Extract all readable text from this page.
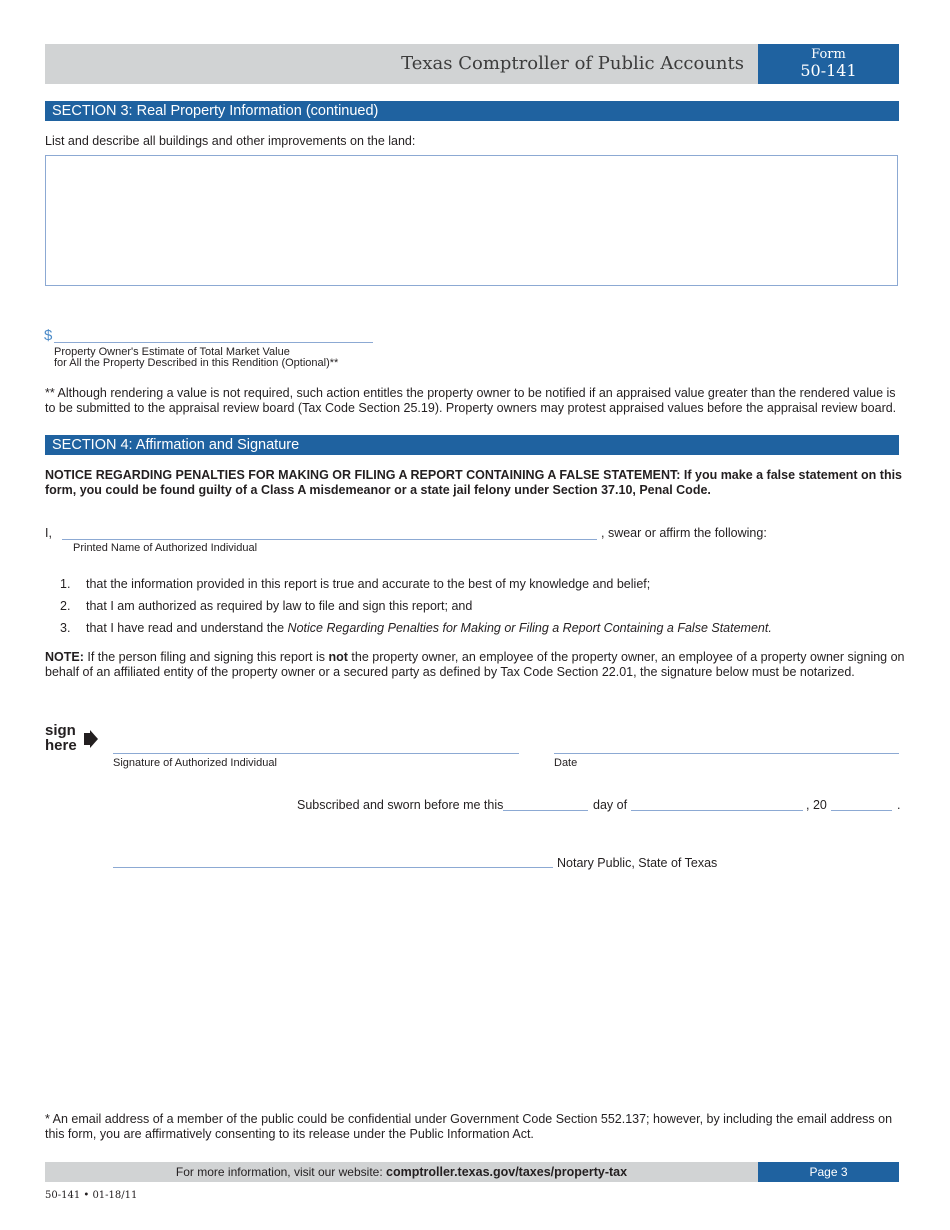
Texas Comptroller of Public Accounts	Form
50-141
SECTION 3: Real Property Information (continued)
List and describe all buildings and other improvements on the land:
$
Property Owner's Estimate of Total Market Value
for All the Property Described in this Rendition (Optional)**
** Although rendering a value is not required, such action entitles the property owner to be notified if an appraised value greater than the rendered value is to be submitted to the appraisal review board (Tax Code Section 25.19). Property owners may protest appraised values before the appraisal review board.
SECTION 4: Affirmation and Signature
NOTICE REGARDING PENALTIES FOR MAKING OR FILING A REPORT CONTAINING A FALSE STATEMENT: If you make a false statement on this form, you could be found guilty of a Class A misdemeanor or a state jail felony under Section 37.10, Penal Code.
I,	, swear or affirm the following:
Printed Name of Authorized Individual
1. that the information provided in this report is true and accurate to the best of my knowledge and belief;
2. that I am authorized as required by law to file and sign this report; and
3. that I have read and understand the Notice Regarding Penalties for Making or Filing a Report Containing a False Statement.
NOTE: If the person filing and signing this report is not the property owner, an employee of the property owner, an employee of a property owner signing on behalf of an affiliated entity of the property owner or a secured party as defined by Tax Code Section 22.01, the signature below must be notarized.
sign
here
Signature of Authorized Individual	Date
Subscribed and sworn before me this	day of	, 20	.
Notary Public, State of Texas
* An email address of a member of the public could be confidential under Government Code Section 552.137; however, by including the email address on this form, you are affirmatively consenting to its release under the Public Information Act.
For more information, visit our website: comptroller.texas.gov/taxes/property-tax	Page 3
50-141 • 01-18/11
